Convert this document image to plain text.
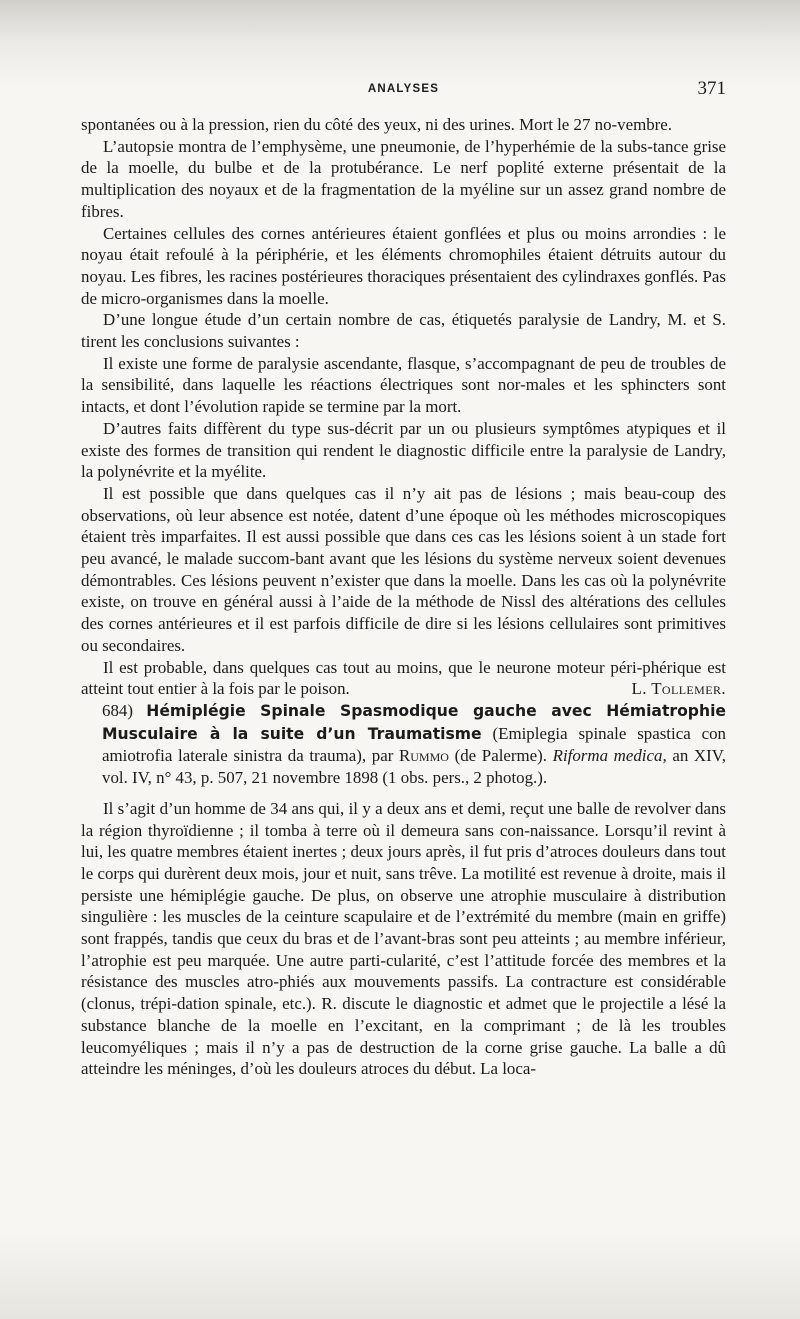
ANALYSES	371

spontanées ou à la pression, rien du côté des yeux, ni des urines. Mort le 27 no-vembre.

L’autopsie montra de l’emphysème, une pneumonie, de l’hyperhémie de la subs-tance grise de la moelle, du bulbe et de la protubérance. Le nerf poplité externe présentait de la multiplication des noyaux et de la fragmentation de la myéline sur un assez grand nombre de fibres.

Certaines cellules des cornes antérieures étaient gonflées et plus ou moins arrondies : le noyau était refoulé à la périphérie, et les éléments chromophiles étaient détruits autour du noyau. Les fibres, les racines postérieures thoraciques présentaient des cylindraxes gonflés. Pas de micro-organismes dans la moelle.

D’une longue étude d’un certain nombre de cas, étiquetés paralysie de Landry, M. et S. tirent les conclusions suivantes :

Il existe une forme de paralysie ascendante, flasque, s’accompagnant de peu de troubles de la sensibilité, dans laquelle les réactions électriques sont nor-males et les sphincters sont intacts, et dont l’évolution rapide se termine par la mort.

D’autres faits diffèrent du type sus-décrit par un ou plusieurs symptômes atypiques et il existe des formes de transition qui rendent le diagnostic difficile entre la paralysie de Landry, la polynévrite et la myélite.

Il est possible que dans quelques cas il n’y ait pas de lésions ; mais beau-coup des observations, où leur absence est notée, datent d’une époque où les méthodes microscopiques étaient très imparfaites. Il est aussi possible que dans ces cas les lésions soient à un stade fort peu avancé, le malade succom-bant avant que les lésions du système nerveux soient devenues démontrables. Ces lésions peuvent n’exister que dans la moelle. Dans les cas où la polynévrite existe, on trouve en général aussi à l’aide de la méthode de Nissl des altérations des cellules des cornes antérieures et il est parfois difficile de dire si les lésions cellulaires sont primitives ou secondaires.

Il est probable, dans quelques cas tout au moins, que le neurone moteur péri-phérique est atteint tout entier à la fois par le poison.	L. Tollemer.

684) Hémiplégie Spinale Spasmodique gauche avec Hémiatrophie Musculaire à la suite d’un Traumatisme (Emiplegia spinale spastica con amiotrofia laterale sinistra da trauma), par Rummo (de Palerme). Riforma medica, an XIV, vol. IV, n° 43, p. 507, 21 novembre 1898 (1 obs. pers., 2 photog.).

Il s’agit d’un homme de 34 ans qui, il y a deux ans et demi, reçut une balle de revolver dans la région thyroïdienne ; il tomba à terre où il demeura sans con-naissance. Lorsqu’il revint à lui, les quatre membres étaient inertes ; deux jours après, il fut pris d’atroces douleurs dans tout le corps qui durèrent deux mois, jour et nuit, sans trêve. La motilité est revenue à droite, mais il persiste une hémiplégie gauche. De plus, on observe une atrophie musculaire à distribution singulière : les muscles de la ceinture scapulaire et de l’extrémité du membre (main en griffe) sont frappés, tandis que ceux du bras et de l’avant-bras sont peu atteints ; au membre inférieur, l’atrophie est peu marquée. Une autre parti-cularité, c’est l’attitude forcée des membres et la résistance des muscles atro-phiés aux mouvements passifs. La contracture est considérable (clonus, trépi-dation spinale, etc.). R. discute le diagnostic et admet que le projectile a lésé la substance blanche de la moelle en l’excitant, en la comprimant ; de là les troubles leucomyéliques ; mais il n’y a pas de destruction de la corne grise gauche. La balle a dû atteindre les méninges, d’où les douleurs atroces du début. La loca-
